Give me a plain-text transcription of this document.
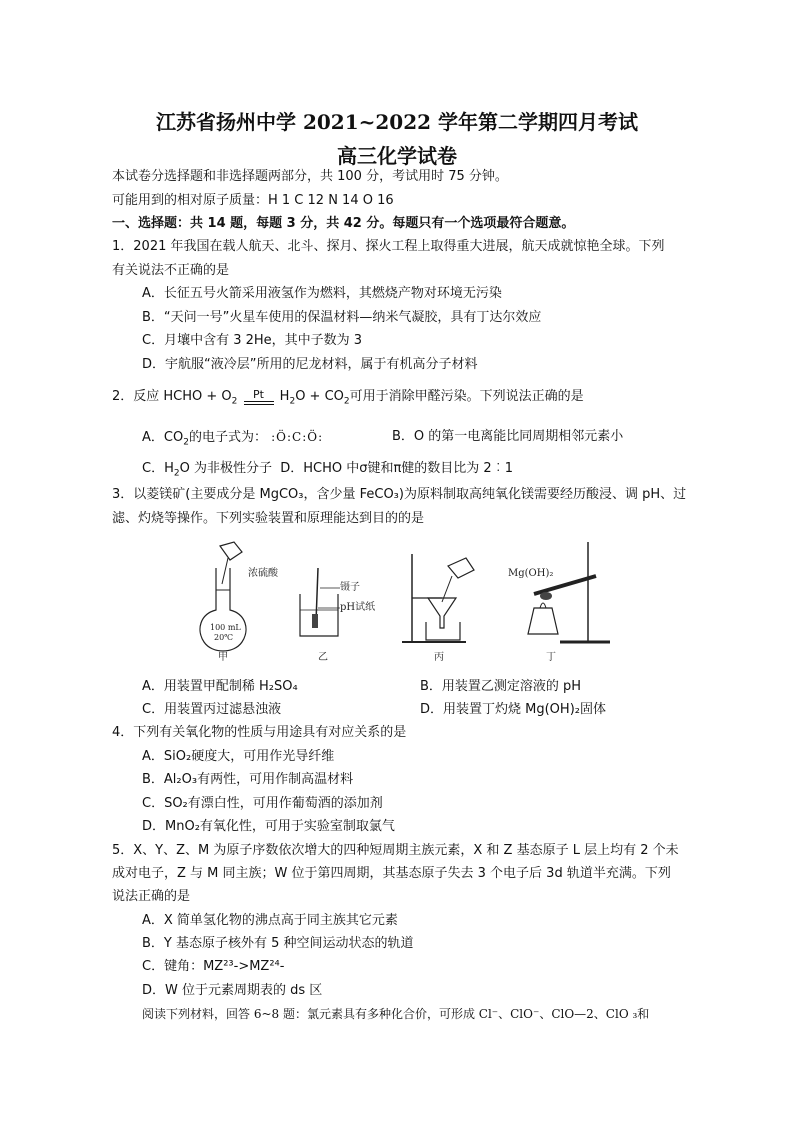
江苏省扬州中学 2021~2022 学年第二学期四月考试
高三化学试卷
本试卷分选择题和非选择题两部分，共 100 分，考试用时 75 分钟。
可能用到的相对原子质量：H 1 C 12 N 14 O 16
一、选择题：共 14 题，每题 3 分，共 42 分。每题只有一个选项最符合题意。
1．2021 年我国在载人航天、北斗、探月、探火工程上取得重大进展，航天成就惊艳全球。下列
有关说法不正确的是
A．长征五号火箭采用液氢作为燃料，其燃烧产物对环境无污染
B．“天问一号”火星车使用的保温材料—纳米气凝胶，具有丁达尔效应
C．月壤中含有 3 2He，其中子数为 3
D．宇航服“液冷层”所用的尼龙材料，属于有机高分子材料
2．反应 HCHO + $O_2$ Pt $H_2O + CO_2$可用于消除甲醛污染。下列说法正确的是
A．$CO_2$的电子式为： :Ö:C:Ö:	B．O 的第一电离能比同周期相邻元素小
C．$H_2O$ 为非极性分子 D．HCHO 中σ键和π健的数目比为 2︰1
3．以菱镁矿(主要成分是 MgCO₃，含少量 FeCO₃)为原料制取高纯氧化镁需要经历酸浸、调 pH、过
滤、灼烧等操作。下列实验装置和原理能达到目的的是
浓硫酸
100 mL
20℃
甲
镊子
pH试纸
乙	丙
Mg(OH)₂
丁
A．用装置甲配制稀 H₂SO₄	B．用装置乙测定溶液的 pH
C．用装置丙过滤悬浊液	D．用装置丁灼烧 Mg(OH)₂固体
4．下列有关氧化物的性质与用途具有对应关系的是
A．SiO₂硬度大，可用作光导纤维
B．Al₂O₃有两性，可用作制高温材料
C．SO₂有漂白性，可用作葡萄酒的添加剂
D．MnO₂有氧化性，可用于实验室制取氯气
5．X、Y、Z、M 为原子序数依次增大的四种短周期主族元素，X 和 Z 基态原子 L 层上均有 2 个未
成对电子，Z 与 M 同主族；W 位于第四周期，其基态原子失去 3 个电子后 3d 轨道半充满。下列
说法正确的是
A．X 简单氢化物的沸点高于同主族其它元素
B．Y 基态原子核外有 5 种空间运动状态的轨道
C．键角：MZ²³->MZ²⁴-
D．W 位于元素周期表的 ds 区
阅读下列材料，回答 6~8 题：氯元素具有多种化合价，可形成 Cl⁻、ClO⁻、ClO—2、ClO ₃和
